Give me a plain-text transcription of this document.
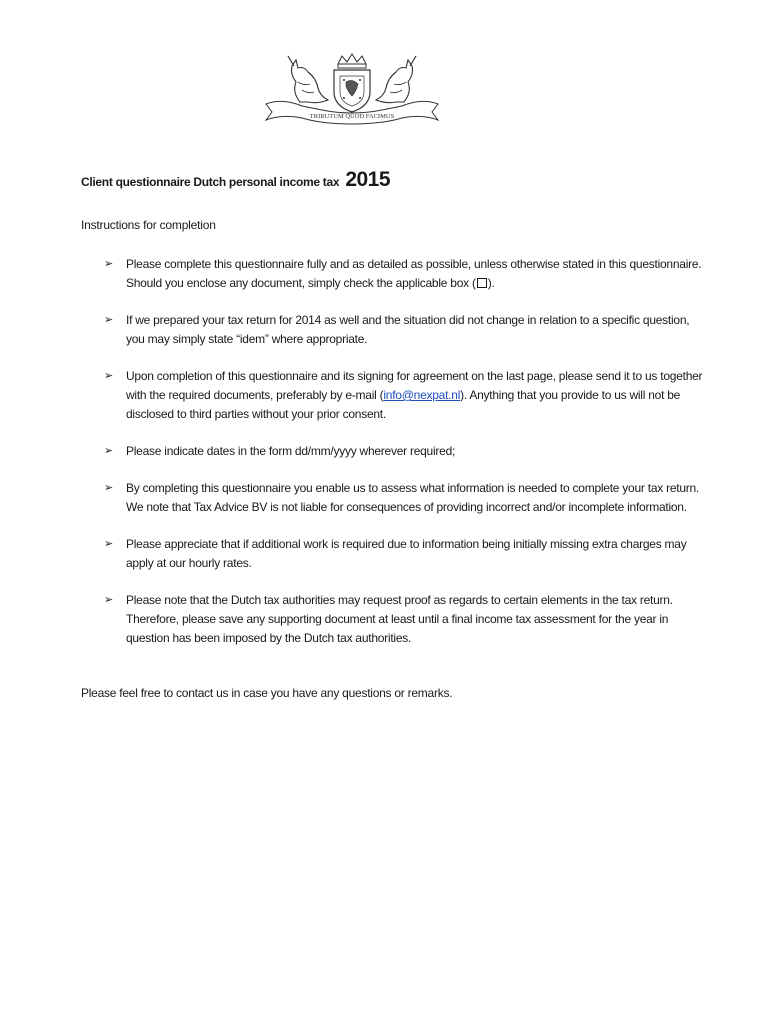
TRIBUTUM QUOD FACIMUS
Client questionnaire Dutch personal income tax 2015
Instructions for completion
➢ Please complete this questionnaire fully and as detailed as possible, unless otherwise stated in this questionnaire. Should you enclose any document, simply check the applicable box ( ).
➢ If we prepared your tax return for 2014 as well and the situation did not change in relation to a specific question, you may simply state “idem” where appropriate.
➢ Upon completion of this questionnaire and its signing for agreement on the last page, please send it to us together with the required documents, preferably by e-mail (info@nexpat.nl). Anything that you provide to us will not be disclosed to third parties without your prior consent.
➢ Please indicate dates in the form dd/mm/yyyy wherever required;
➢ By completing this questionnaire you enable us to assess what information is needed to complete your tax return. We note that Tax Advice BV is not liable for consequences of providing incorrect and/or incomplete information.
➢ Please appreciate that if additional work is required due to information being initially missing extra charges may apply at our hourly rates.
➢ Please note that the Dutch tax authorities may request proof as regards to certain elements in the tax return. Therefore, please save any supporting document at least until a final income tax assessment for the year in question has been imposed by the Dutch tax authorities.
Please feel free to contact us in case you have any questions or remarks.
